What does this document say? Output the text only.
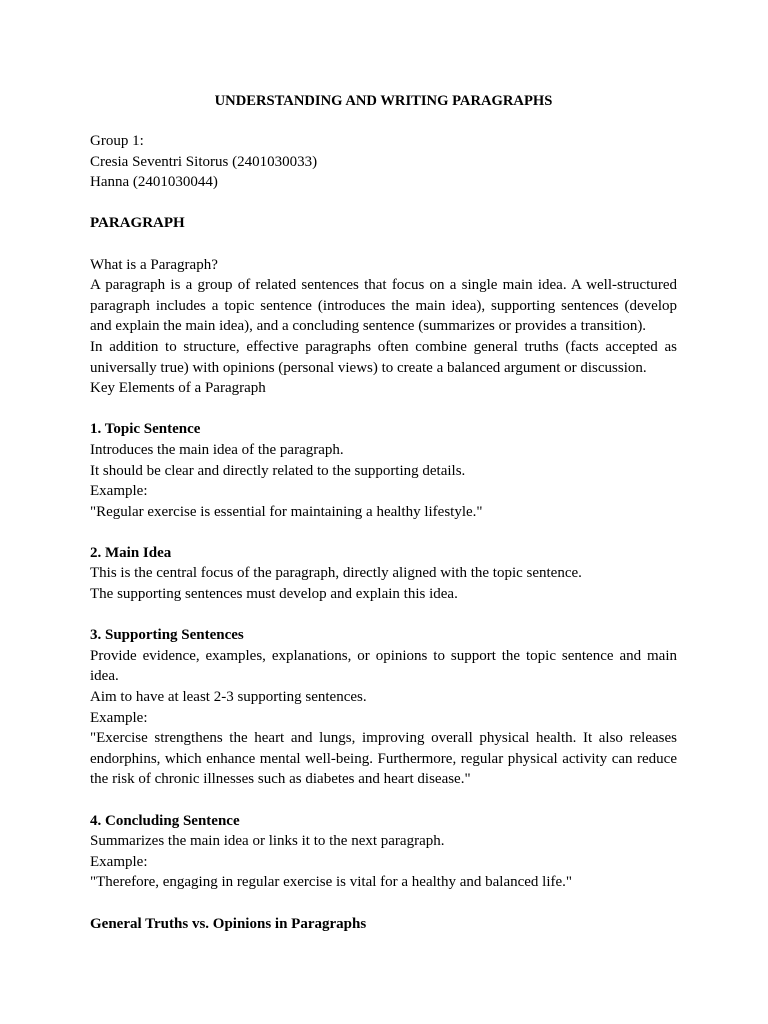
UNDERSTANDING AND WRITING PARAGRAPHS
Group 1:
Cresia Seventri Sitorus (2401030033)
Hanna (2401030044)
PARAGRAPH
What is a Paragraph?

A paragraph is a group of related sentences that focus on a single main idea. A well-structured paragraph includes a topic sentence (introduces the main idea), supporting sentences (develop and explain the main idea), and a concluding sentence (summarizes or provides a transition).

In addition to structure, effective paragraphs often combine general truths (facts accepted as universally true) with opinions (personal views) to create a balanced argument or discussion.

Key Elements of a Paragraph
1. Topic Sentence
Introduces the main idea of the paragraph.
It should be clear and directly related to the supporting details.
Example:
"Regular exercise is essential for maintaining a healthy lifestyle."
2. Main Idea
This is the central focus of the paragraph, directly aligned with the topic sentence.
The supporting sentences must develop and explain this idea.
3. Supporting Sentences

Provide evidence, examples, explanations, or opinions to support the topic sentence and main idea.

Aim to have at least 2-3 supporting sentences.
Example:

"Exercise strengthens the heart and lungs, improving overall physical health. It also releases endorphins, which enhance mental well-being. Furthermore, regular physical activity can reduce the risk of chronic illnesses such as diabetes and heart disease."

4. Concluding Sentence
Summarizes the main idea or links it to the next paragraph.
Example:
"Therefore, engaging in regular exercise is vital for a healthy and balanced life."
General Truths vs. Opinions in Paragraphs
